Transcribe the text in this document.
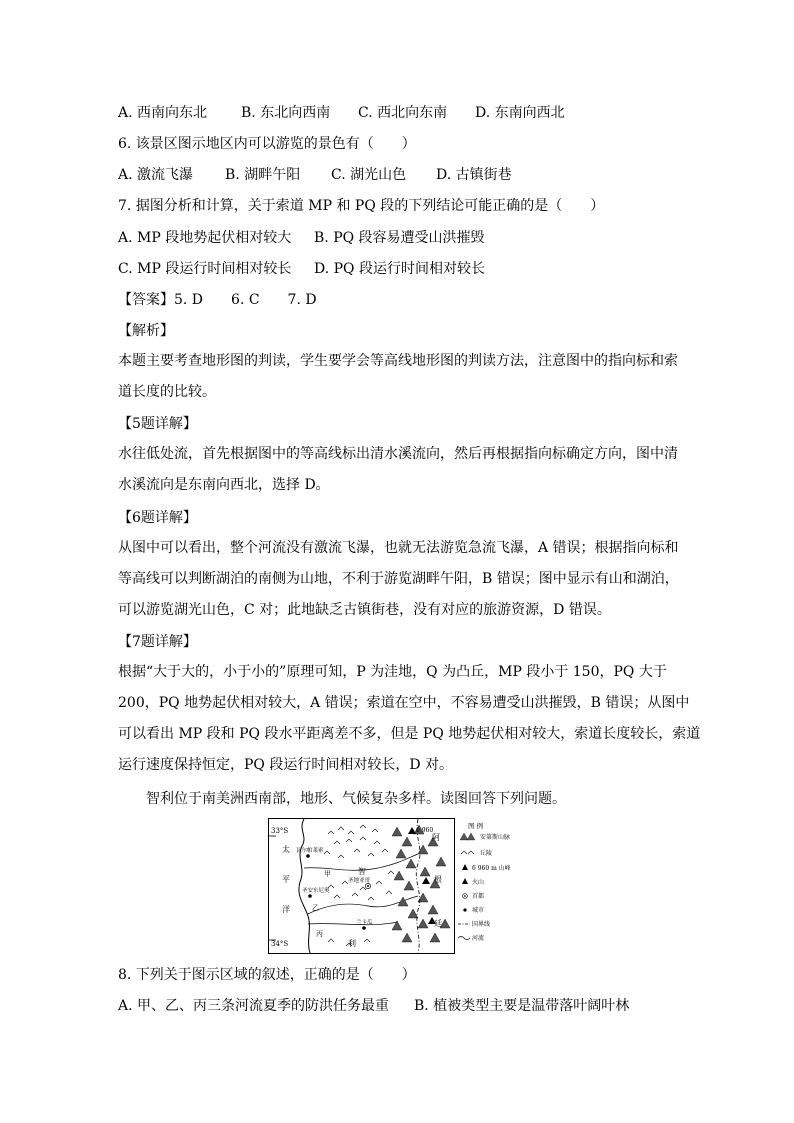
A. 西南向东北 B. 东北向西南 C. 西北向东南 D. 东南向西北
6. 该景区图示地区内可以游览的景色有（　　）
A. 激流飞瀑 B. 湖畔午阳 C. 湖光山色 D. 古镇街巷
7. 据图分析和计算，关于索道 MP 和 PQ 段的下列结论可能正确的是（　　）
A. MP 段地势起伏相对较大 B. PQ 段容易遭受山洪摧毁
C. MP 段运行时间相对较长 D. PQ 段运行时间相对较长
【答案】5. D　　6. C　　7. D
【解析】
本题主要考查地形图的判读，学生要学会等高线地形图的判读方法，注意图中的指向标和索
道长度的比较。
【5题详解】
水往低处流，首先根据图中的等高线标出清水溪流向，然后再根据指向标确定方向，图中清
水溪流向是东南向西北，选择 D。
【6题详解】
从图中可以看出，整个河流没有激流飞瀑，也就无法游览急流飞瀑，A 错误；根据指向标和
等高线可以判断湖泊的南侧为山地，不利于游览湖畔午阳，B 错误；图中显示有山和湖泊，
可以游览湖光山色，C 对；此地缺乏古镇街巷，没有对应的旅游资源，D 错误。
【7题详解】
根据“大于大的，小于小的”原理可知，P 为洼地，Q 为凸丘，MP 段小于 150，PQ 大于
200，PQ 地势起伏相对较大，A 错误；索道在空中，不容易遭受山洪摧毁，B 错误；从图中
可以看出 MP 段和 PQ 段水平距离差不多，但是 PQ 地势起伏相对较大，索道长度较长，索道
运行速度保持恒定，PQ 段运行时间相对较长，D 对。
智利位于南美洲西南部，地形、气候复杂多样。读图回答下列问题。
33°S
34°S
太
平
洋
甲
乙
丙
6 960
瓦尔帕莱索
圣安东尼奥
圣地亚哥
兰卡瓜
智
利
阿
根
廷
图 例
安第斯山脉
丘陵
6 960 m 山峰
火山
首都
城市
国界线
河流
8. 下列关于图示区域的叙述，正确的是（　　）
A. 甲、乙、丙三条河流夏季的防洪任务最重 B. 植被类型主要是温带落叶阔叶林
